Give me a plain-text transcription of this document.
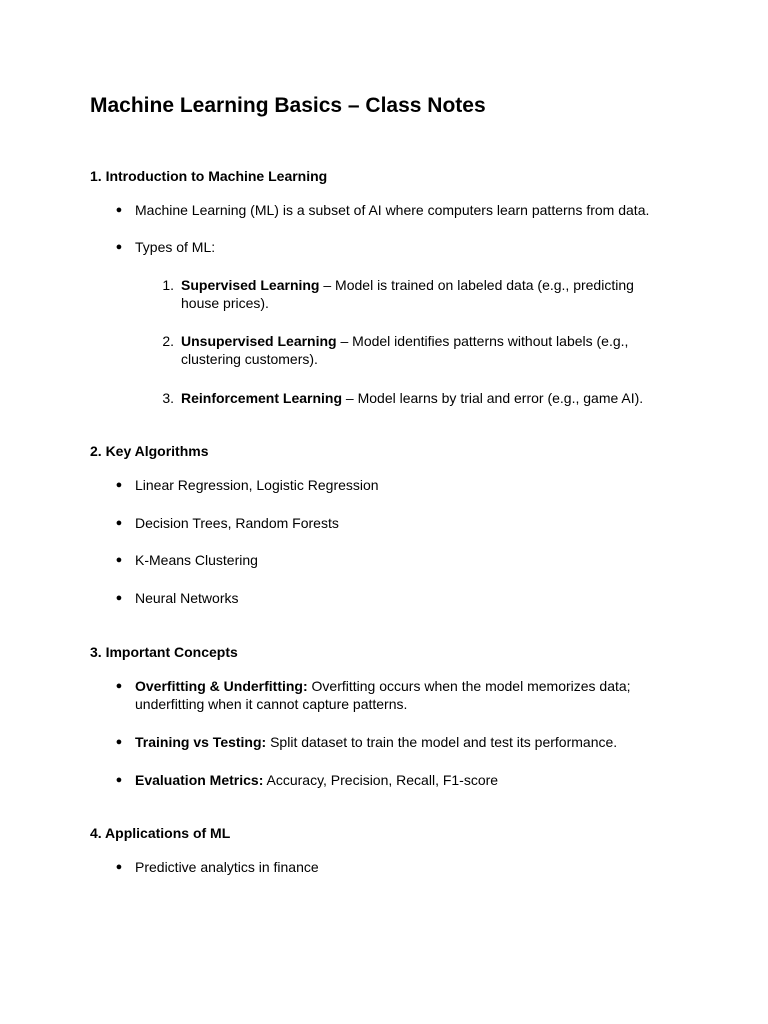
Machine Learning Basics – Class Notes
1. Introduction to Machine Learning
● Machine Learning (ML) is a subset of AI where computers learn patterns from data.
● Types of ML:
1. Supervised Learning – Model is trained on labeled data (e.g., predicting house prices).
2. Unsupervised Learning – Model identifies patterns without labels (e.g., clustering customers).
3. Reinforcement Learning – Model learns by trial and error (e.g., game AI).
2. Key Algorithms
● Linear Regression, Logistic Regression
● Decision Trees, Random Forests
● K-Means Clustering
● Neural Networks
3. Important Concepts
● Overfitting & Underfitting: Overfitting occurs when the model memorizes data; underfitting when it cannot capture patterns.
● Training vs Testing: Split dataset to train the model and test its performance.
● Evaluation Metrics: Accuracy, Precision, Recall, F1-score
4. Applications of ML
● Predictive analytics in finance
